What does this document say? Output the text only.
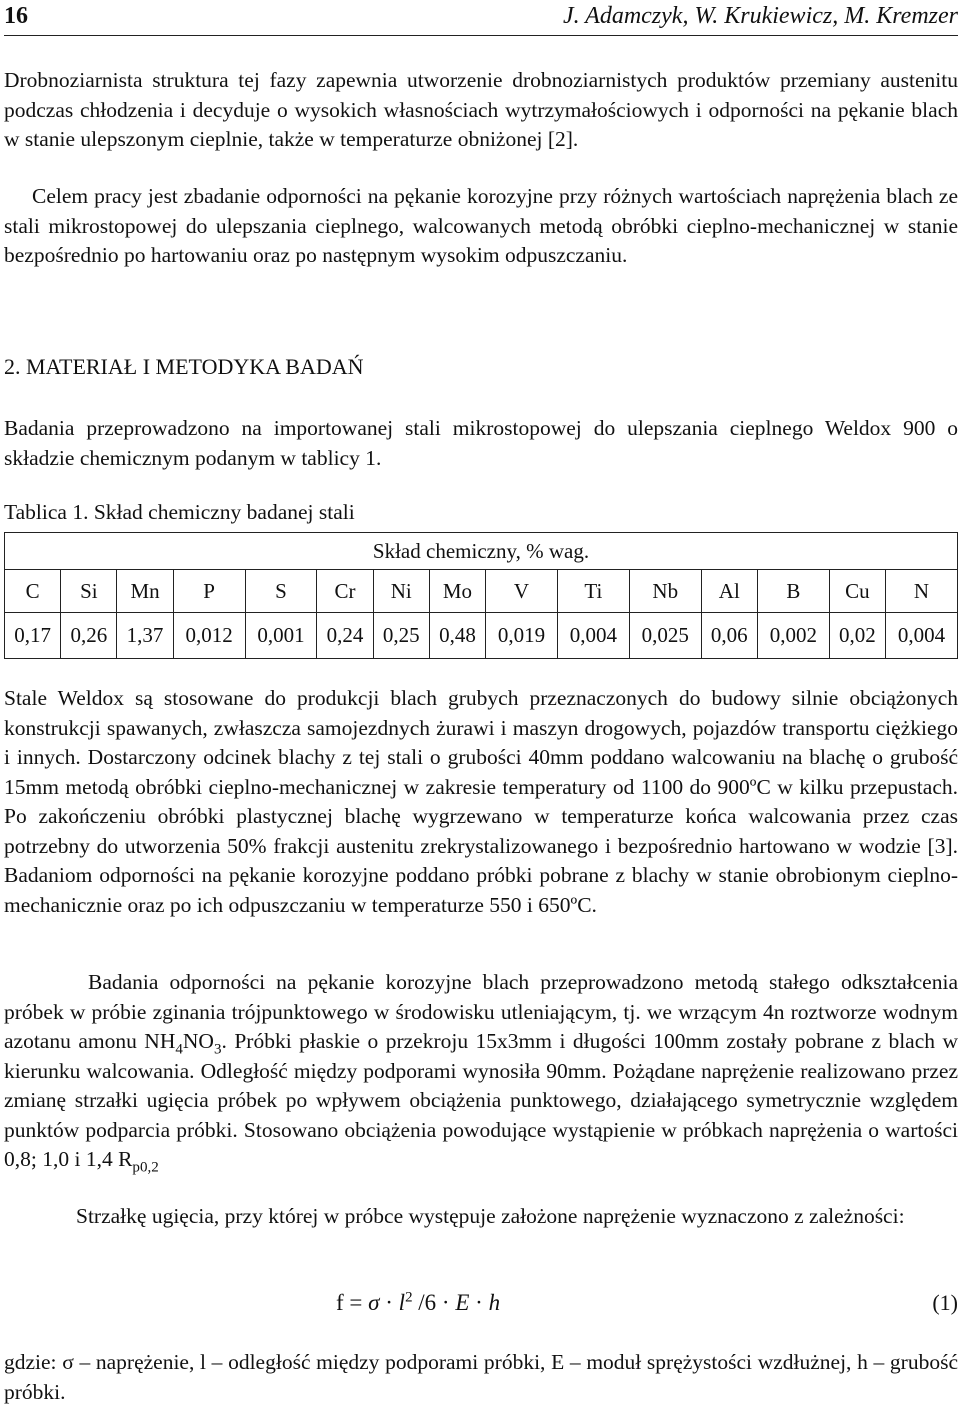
16	J. Adamczyk, W. Krukiewicz, M. Kremzer

Drobnoziarnista struktura tej fazy zapewnia utworzenie drobnoziarnistych produktów przemiany austenitu podczas chłodzenia i decyduje o wysokich własnościach wytrzymałościowych i odporności na pękanie blach w stanie ulepszonym cieplnie, także w temperaturze obniżonej [2].

Celem pracy jest zbadanie odporności na pękanie korozyjne przy różnych wartościach naprężenia blach ze stali mikrostopowej do ulepszania cieplnego, walcowanych metodą obróbki cieplno-mechanicznej w stanie bezpośrednio po hartowaniu oraz po następnym wysokim odpuszczaniu.

2. MATERIAŁ I METODYKA BADAŃ

Badania przeprowadzono na importowanej stali mikrostopowej do ulepszania cieplnego Weldox 900 o składzie chemicznym podanym w tablicy 1.

Tablica 1. Skład chemiczny badanej stali

Skład chemiczny, % wag.														
C	Si	Mn	P	S	Cr	Ni	Mo	V	Ti	Nb	Al	B	Cu	N
0,17	0,26	1,37	0,012	0,001	0,24	0,25	0,48	0,019	0,004	0,025	0,06	0,002	0,02	0,004

Stale Weldox są stosowane do produkcji blach grubych przeznaczonych do budowy silnie obciążonych konstrukcji spawanych, zwłaszcza samojezdnych żurawi i maszyn drogowych, pojazdów transportu ciężkiego i innych. Dostarczony odcinek blachy z tej stali o grubości 40mm poddano walcowaniu na blachę o grubość 15mm metodą obróbki cieplno-mechanicznej w zakresie temperatury od 1100 do 900ºC w kilku przepustach. Po zakończeniu obróbki plastycznej blachę wygrzewano w temperaturze końca walcowania przez czas potrzebny do utworzenia 50% frakcji austenitu zrekrystalizowanego i bezpośrednio hartowano w wodzie [3]. Badaniom odporności na pękanie korozyjne poddano próbki pobrane z blachy w stanie obrobionym cieplno-mechanicznie oraz po ich odpuszczaniu w temperaturze 550 i 650ºC.

Badania odporności na pękanie korozyjne blach przeprowadzono metodą stałego odkształcenia próbek w próbie zginania trójpunktowego w środowisku utleniającym, tj. we wrzącym 4n roztworze wodnym azotanu amonu $NH_4NO_3$. Próbki płaskie o przekroju 15x3mm i długości 100mm zostały pobrane z blach w kierunku walcowania. Odległość między podporami wynosiła 90mm. Pożądane naprężenie realizowano przez zmianę strzałki ugięcia próbek po wpływem obciążenia punktowego, działającego symetrycznie względem punktów podparcia próbki. Stosowano obciążenia powodujące wystąpienie w próbkach naprężenia o wartości 0,8; 1,0 i 1,4 $R_{p0,2}$

Strzałkę ugięcia, przy której w próbce występuje założone naprężenie wyznaczono z zależności:

$f = \sigma \cdot l^2$ /6 · E · h	(1)

gdzie: σ – naprężenie, l – odległość między podporami próbki, E – moduł sprężystości wzdłużnej, h – grubość próbki.
